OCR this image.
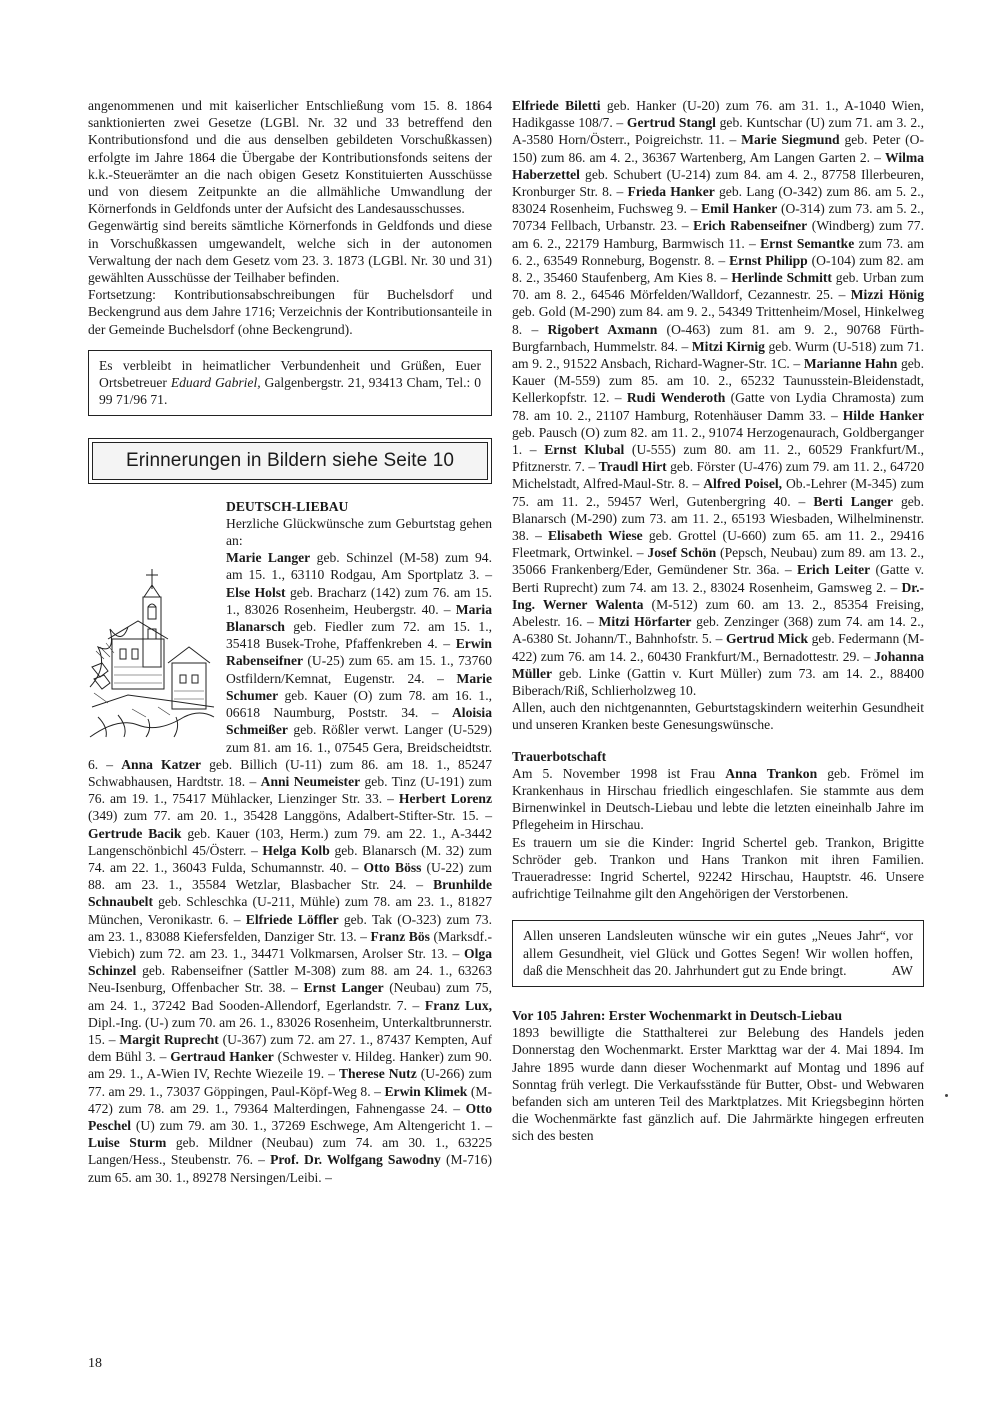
angenommenen und mit kaiserlicher Entschließung vom 15. 8. 1864 sanktionierten zwei Gesetze (LGBl. Nr. 32 und 33 betreffend den Kontributionsfond und die aus denselben gebildeten Vorschußkassen) erfolgte im Jahre 1864 die Übergabe der Kontributionsfonds seitens der k.k.-Steuerämter an die nach obigen Gesetz Konstituierten Ausschüsse und von diesem Zeitpunkte an die allmähliche Umwandlung der Körnerfonds in Geldfonds unter der Aufsicht des Landesausschusses.

Gegenwärtig sind bereits sämtliche Körnerfonds in Geldfonds und diese in Vorschußkassen umgewandelt, welche sich in der autonomen Verwaltung der nach dem Gesetz vom 23. 3. 1873 (LGBl. Nr. 30 und 31) gewählten Ausschüsse der Teilhaber befinden.

Fortsetzung: Kontributionsabschreibungen für Buchelsdorf und Beckengrund aus dem Jahre 1716; Verzeichnis der Kontributionsanteile in der Gemeinde Buchelsdorf (ohne Beckengrund).

Es verbleibt in heimatlicher Verbundenheit und Grüßen, Euer Ortsbetreuer Eduard Gabriel, Galgenbergstr. 21, 93413 Cham, Tel.: 0 99 71/96 71.
Erinnerungen in Bildern siehe Seite 10
DEUTSCH-LIEBAU
Herzliche Glückwünsche zum Geburtstag gehen an:
Marie Langer geb. Schinzel (M-58) zum 94. am 15. 1., 63110 Rodgau, Am Sportplatz 3. – Else Holst geb. Bracharz (142) zum 76. am 15. 1., 83026 Rosenheim, Heubergstr. 40. – Maria Blanarsch geb. Fiedler zum 72. am 15. 1., 35418 Busek-Trohe, Pfaffenkreben 4. – Erwin Rabenseifner (U-25) zum 65. am 15. 1., 73760 Ostfildern/Kemnat, Eugenstr. 24. – Marie Schumer geb. Kauer (O) zum 78. am 16. 1., 06618 Naumburg, Poststr. 34. – Aloisia Schmeißer geb. Rößler verwt. Langer (U-529) zum 81. am 16. 1., 07545 Gera, Breidscheidtstr. 6. – Anna Katzer geb. Billich (U-11) zum 86. am 18. 1., 85247 Schwabhausen, Hardtstr. 18. – Anni Neumeister geb. Tinz (U-191) zum 76. am 19. 1., 75417 Mühlacker, Lienzinger Str. 33. – Herbert Lorenz (349) zum 77. am 20. 1., 35428 Langgöns, Adalbert-Stifter-Str. 15. – Gertrude Bacik geb. Kauer (103, Herm.) zum 79. am 22. 1., A-3442 Langenschönbichl 45/Österr. – Helga Kolb geb. Blanarsch (M. 32) zum 74. am 22. 1., 36043 Fulda, Schumannstr. 40. – Otto Böss (U-22) zum 88. am 23. 1., 35584 Wetzlar, Blasbacher Str. 24. – Brunhilde Schnaubelt geb. Schleschka (U-211, Mühle) zum 78. am 23. 1., 81827 München, Veronikastr. 6. – Elfriede Löffler geb. Tak (O-323) zum 73. am 23. 1., 83088 Kiefersfelden, Danziger Str. 13. – Franz Bös (Marksdf.-Viebich) zum 72. am 23. 1., 34471 Volkmarsen, Arolser Str. 13. – Olga Schinzel geb. Rabenseifner (Sattler M-308) zum 88. am 24. 1., 63263 Neu-Isenburg, Offenbacher Str. 38. – Ernst Langer (Neubau) zum 75, am 24. 1., 37242 Bad Sooden-Allendorf, Egerlandstr. 7. – Franz Lux, Dipl.-Ing. (U-) zum 70. am 26. 1., 83026 Rosenheim, Unterkaltbrunnerstr. 15. – Margit Ruprecht (U-367) zum 72. am 27. 1., 87437 Kempten, Auf dem Bühl 3. – Gertraud Hanker (Schwester v. Hildeg. Hanker) zum 90. am 29. 1., A-Wien IV, Rechte Wiezeile 19. – Therese Nutz (U-266) zum 77. am 29. 1., 73037 Göppingen, Paul-Köpf-Weg 8. – Erwin Klimek (M-472) zum 78. am 29. 1., 79364 Malterdingen, Fahnengasse 24. – Otto Peschel (U) zum 79. am 30. 1., 37269 Eschwege, Am Altengericht 1. – Luise Sturm geb. Mildner (Neubau) zum 74. am 30. 1., 63225 Langen/Hess., Steubenstr. 76. – Prof. Dr. Wolfgang Sawodny (M-716) zum 65. am 30. 1., 89278 Nersingen/Leibi. –
Elfriede Biletti geb. Hanker (U-20) zum 76. am 31. 1., A-1040 Wien, Hadikgasse 108/7. – Gertrud Stangl geb. Kuntschar (U) zum 71. am 3. 2., A-3580 Horn/Österr., Poigreichstr. 11. – Marie Siegmund geb. Peter (O-150) zum 86. am 4. 2., 36367 Wartenberg, Am Langen Garten 2. – Wilma Haberzettel geb. Schubert (U-214) zum 84. am 4. 2., 87758 Illerbeuren, Kronburger Str. 8. – Frieda Hanker geb. Lang (O-342) zum 86. am 5. 2., 83024 Rosenheim, Fuchsweg 9. – Emil Hanker (O-314) zum 73. am 5. 2., 70734 Fellbach, Urbanstr. 23. – Erich Rabenseifner (Windberg) zum 77. am 6. 2., 22179 Hamburg, Barmwisch 11. – Ernst Semantke zum 73. am 6. 2., 63549 Ronneburg, Bogenstr. 8. – Ernst Philipp (O-104) zum 82. am 8. 2., 35460 Staufenberg, Am Kies 8. – Herlinde Schmitt geb. Urban zum 70. am 8. 2., 64546 Mörfelden/Walldorf, Cezannestr. 25. – Mizzi Hönig geb. Gold (M-290) zum 84. am 9. 2., 54349 Trittenheim/Mosel, Hinkelweg 8. – Rigobert Axmann (O-463) zum 81. am 9. 2., 90768 Fürth-Burgfarnbach, Hummelstr. 84. – Mitzi Kirnig geb. Wurm (U-518) zum 71. am 9. 2., 91522 Ansbach, Richard-Wagner-Str. 1C. – Marianne Hahn geb. Kauer (M-559) zum 85. am 10. 2., 65232 Taunusstein-Bleidenstadt, Kellerkopfstr. 12. – Rudi Wenderoth (Gatte von Lydia Chramosta) zum 78. am 10. 2., 21107 Hamburg, Rotenhäuser Damm 33. – Hilde Hanker geb. Pausch (O) zum 82. am 11. 2., 91074 Herzogenaurach, Goldberganger 1. – Ernst Klubal (U-555) zum 80. am 11. 2., 60529 Frankfurt/M., Pfitznerstr. 7. – Traudl Hirt geb. Förster (U-476) zum 79. am 11. 2., 64720 Michelstadt, Alfred-Maul-Str. 8. – Alfred Poisel, Ob.-Lehrer (M-345) zum 75. am 11. 2., 59457 Werl, Gutenbergring 40. – Berti Langer geb. Blanarsch (M-290) zum 73. am 11. 2., 65193 Wiesbaden, Wilhelminenstr. 38. – Elisabeth Wiese geb. Grottel (U-660) zum 65. am 11. 2., 29416 Fleetmark, Ortwinkel. – Josef Schön (Pepsch, Neubau) zum 89. am 13. 2., 35066 Frankenberg/Eder, Gemündener Str. 36a. – Erich Leiter (Gatte v. Berti Ruprecht) zum 74. am 13. 2., 83024 Rosenheim, Gamsweg 2. – Dr.-Ing. Werner Walenta (M-512) zum 60. am 13. 2., 85354 Freising, Abelestr. 16. – Mitzi Hörfarter geb. Zenzinger (368) zum 74. am 14. 2., A-6380 St. Johann/T., Bahnhofstr. 5. – Gertrud Mick geb. Federmann (M-422) zum 76. am 14. 2., 60430 Frankfurt/M., Bernadottestr. 29. – Johanna Müller geb. Linke (Gattin v. Kurt Müller) zum 73. am 14. 2., 88400 Biberach/Riß, Schlierholzweg 10.

Allen, auch den nichtgenannten, Geburtstagskindern weiterhin Gesundheit und unseren Kranken beste Genesungswünsche.

Trauerbotschaft

Am 5. November 1998 ist Frau Anna Trankon geb. Frömel im Krankenhaus in Hirschau friedlich eingeschlafen. Sie stammte aus dem Birnenwinkel in Deutsch-Liebau und lebte die letzten eineinhalb Jahre im Pflegeheim in Hirschau.

Es trauern um sie die Kinder: Ingrid Schertel geb. Trankon, Brigitte Schröder geb. Trankon und Hans Trankon mit ihren Familien. Traueradresse: Ingrid Schertel, 92242 Hirschau, Hauptstr. 46. Unsere aufrichtige Teilnahme gilt den Angehörigen der Verstorbenen.

Allen unseren Landsleuten wünsche wir ein gutes „Neues Jahr“, vor allem Gesundheit, viel Glück und Gottes Segen! Wir wollen hoffen, daß die Menschheit das 20. Jahrhundert gut zu Ende bringt.	AW

Vor 105 Jahren: Erster Wochenmarkt in Deutsch-Liebau

1893 bewilligte die Statthalterei zur Belebung des Handels jeden Donnerstag den Wochenmarkt. Erster Markttag war der 4. Mai 1894. Im Jahre 1895 wurde dann dieser Wochenmarkt auf Montag und 1896 auf Sonntag früh verlegt. Die Verkaufsstände für Butter, Obst- und Webwaren befanden sich am unteren Teil des Marktplatzes. Mit Kriegsbeginn hörten die Wochenmärkte fast gänzlich auf. Die Jahrmärkte hingegen erfreuten sich des besten

18
